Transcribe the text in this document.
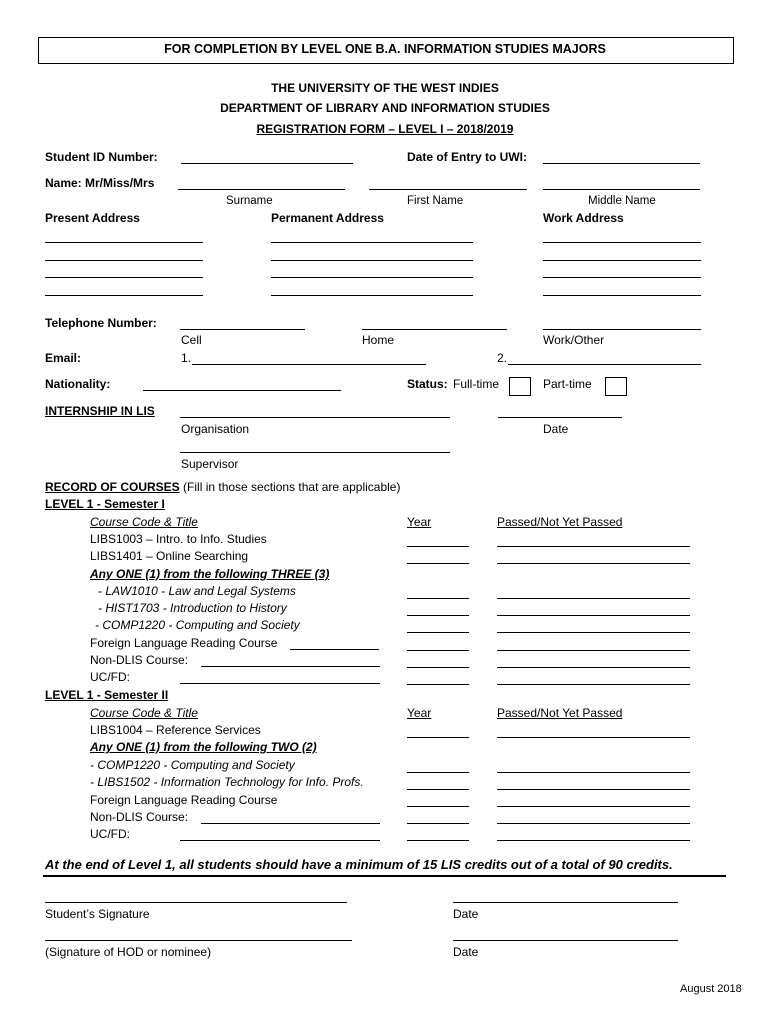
FOR COMPLETION BY LEVEL ONE B.A. INFORMATION STUDIES MAJORS
THE UNIVERSITY OF THE WEST INDIES
DEPARTMENT OF LIBRARY AND INFORMATION STUDIES
REGISTRATION FORM – LEVEL I – 2018/2019
Student ID Number:	Date of Entry to UWI:
Name: Mr/Miss/Mrs
Surname	First Name	Middle Name
Present Address	Permanent Address	Work Address
Telephone Number:
Cell	Home	Work/Other
Email:	1.	2.
Nationality:	Status: Full-time	Part-time
INTERNSHIP IN LIS
Organisation	Date
Supervisor
RECORD OF COURSES (Fill in those sections that are applicable)
LEVEL 1 - Semester I
Course Code & Title	Year	Passed/Not Yet Passed
LIBS1003 – Intro. to Info. Studies
LIBS1401 – Online Searching
Any ONE (1) from the following THREE (3)
- LAW1010 - Law and Legal Systems
- HIST1703 - Introduction to History
- COMP1220 - Computing and Society
Foreign Language Reading Course
Non-DLIS Course:
UC/FD:
LEVEL 1 - Semester II
Course Code & Title	Year	Passed/Not Yet Passed
LIBS1004 – Reference Services
Any ONE (1) from the following TWO (2)
- COMP1220 - Computing and Society
- LIBS1502 - Information Technology for Info. Profs.
Foreign Language Reading Course
Non-DLIS Course:
UC/FD:
At the end of Level 1, all students should have a minimum of 15 LIS credits out of a total of 90 credits.
Student’s Signature	Date
(Signature of HOD or nominee)	Date
August 2018
